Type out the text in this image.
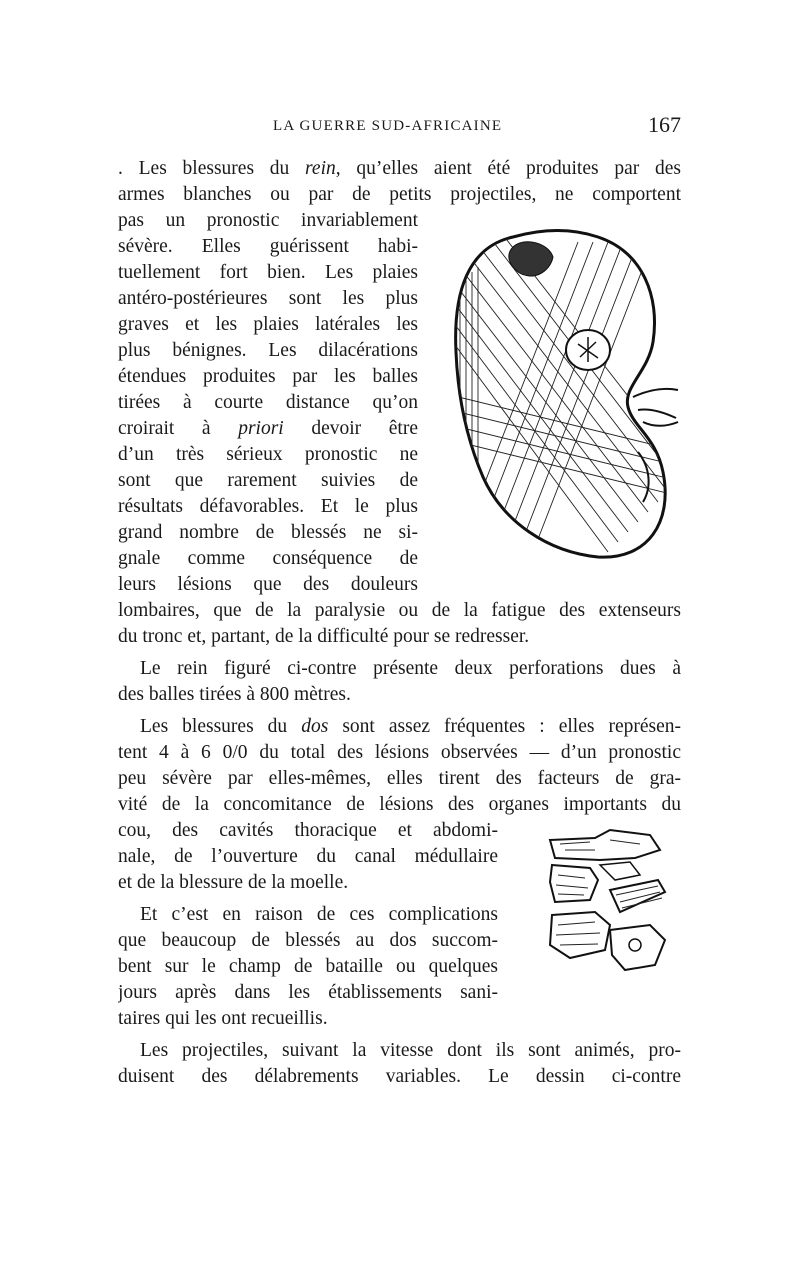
LA GUERRE SUD-AFRICAINE	167
. Les blessures du rein, qu’elles aient été produites par des
armes blanches ou par de petits projectiles, ne comportent
pas un pronostic invariablement
sévère. Elles guérissent habi-
tuellement fort bien. Les plaies
antéro-postérieures sont les plus
graves et les plaies latérales les
plus bénignes. Les dilacérations
étendues produites par les balles
tirées à courte distance qu’on
croirait à priori devoir être
d’un très sérieux pronostic ne
sont que rarement suivies de
résultats défavorables. Et le plus
grand nombre de blessés ne si-
gnale comme conséquence de
leurs lésions que des douleurs
lombaires, que de la paralysie ou de la fatigue des extenseurs
du tronc et, partant, de la difficulté pour se redresser.
Le rein figuré ci-contre présente deux perforations dues à
des balles tirées à 800 mètres.
Les blessures du dos sont assez fréquentes : elles représen-
tent 4 à 6 0/0 du total des lésions observées — d’un pronostic
peu sévère par elles-mêmes, elles tirent des facteurs de gra-
vité de la concomitance de lésions des organes importants du
cou, des cavités thoracique et abdomi-
nale, de l’ouverture du canal médullaire
et de la blessure de la moelle.
Et c’est en raison de ces complications
que beaucoup de blessés au dos succom-
bent sur le champ de bataille ou quelques
jours après dans les établissements sani-
taires qui les ont recueillis.
Les projectiles, suivant la vitesse dont ils sont animés, pro-
duisent des délabrements variables. Le dessin ci-contre
